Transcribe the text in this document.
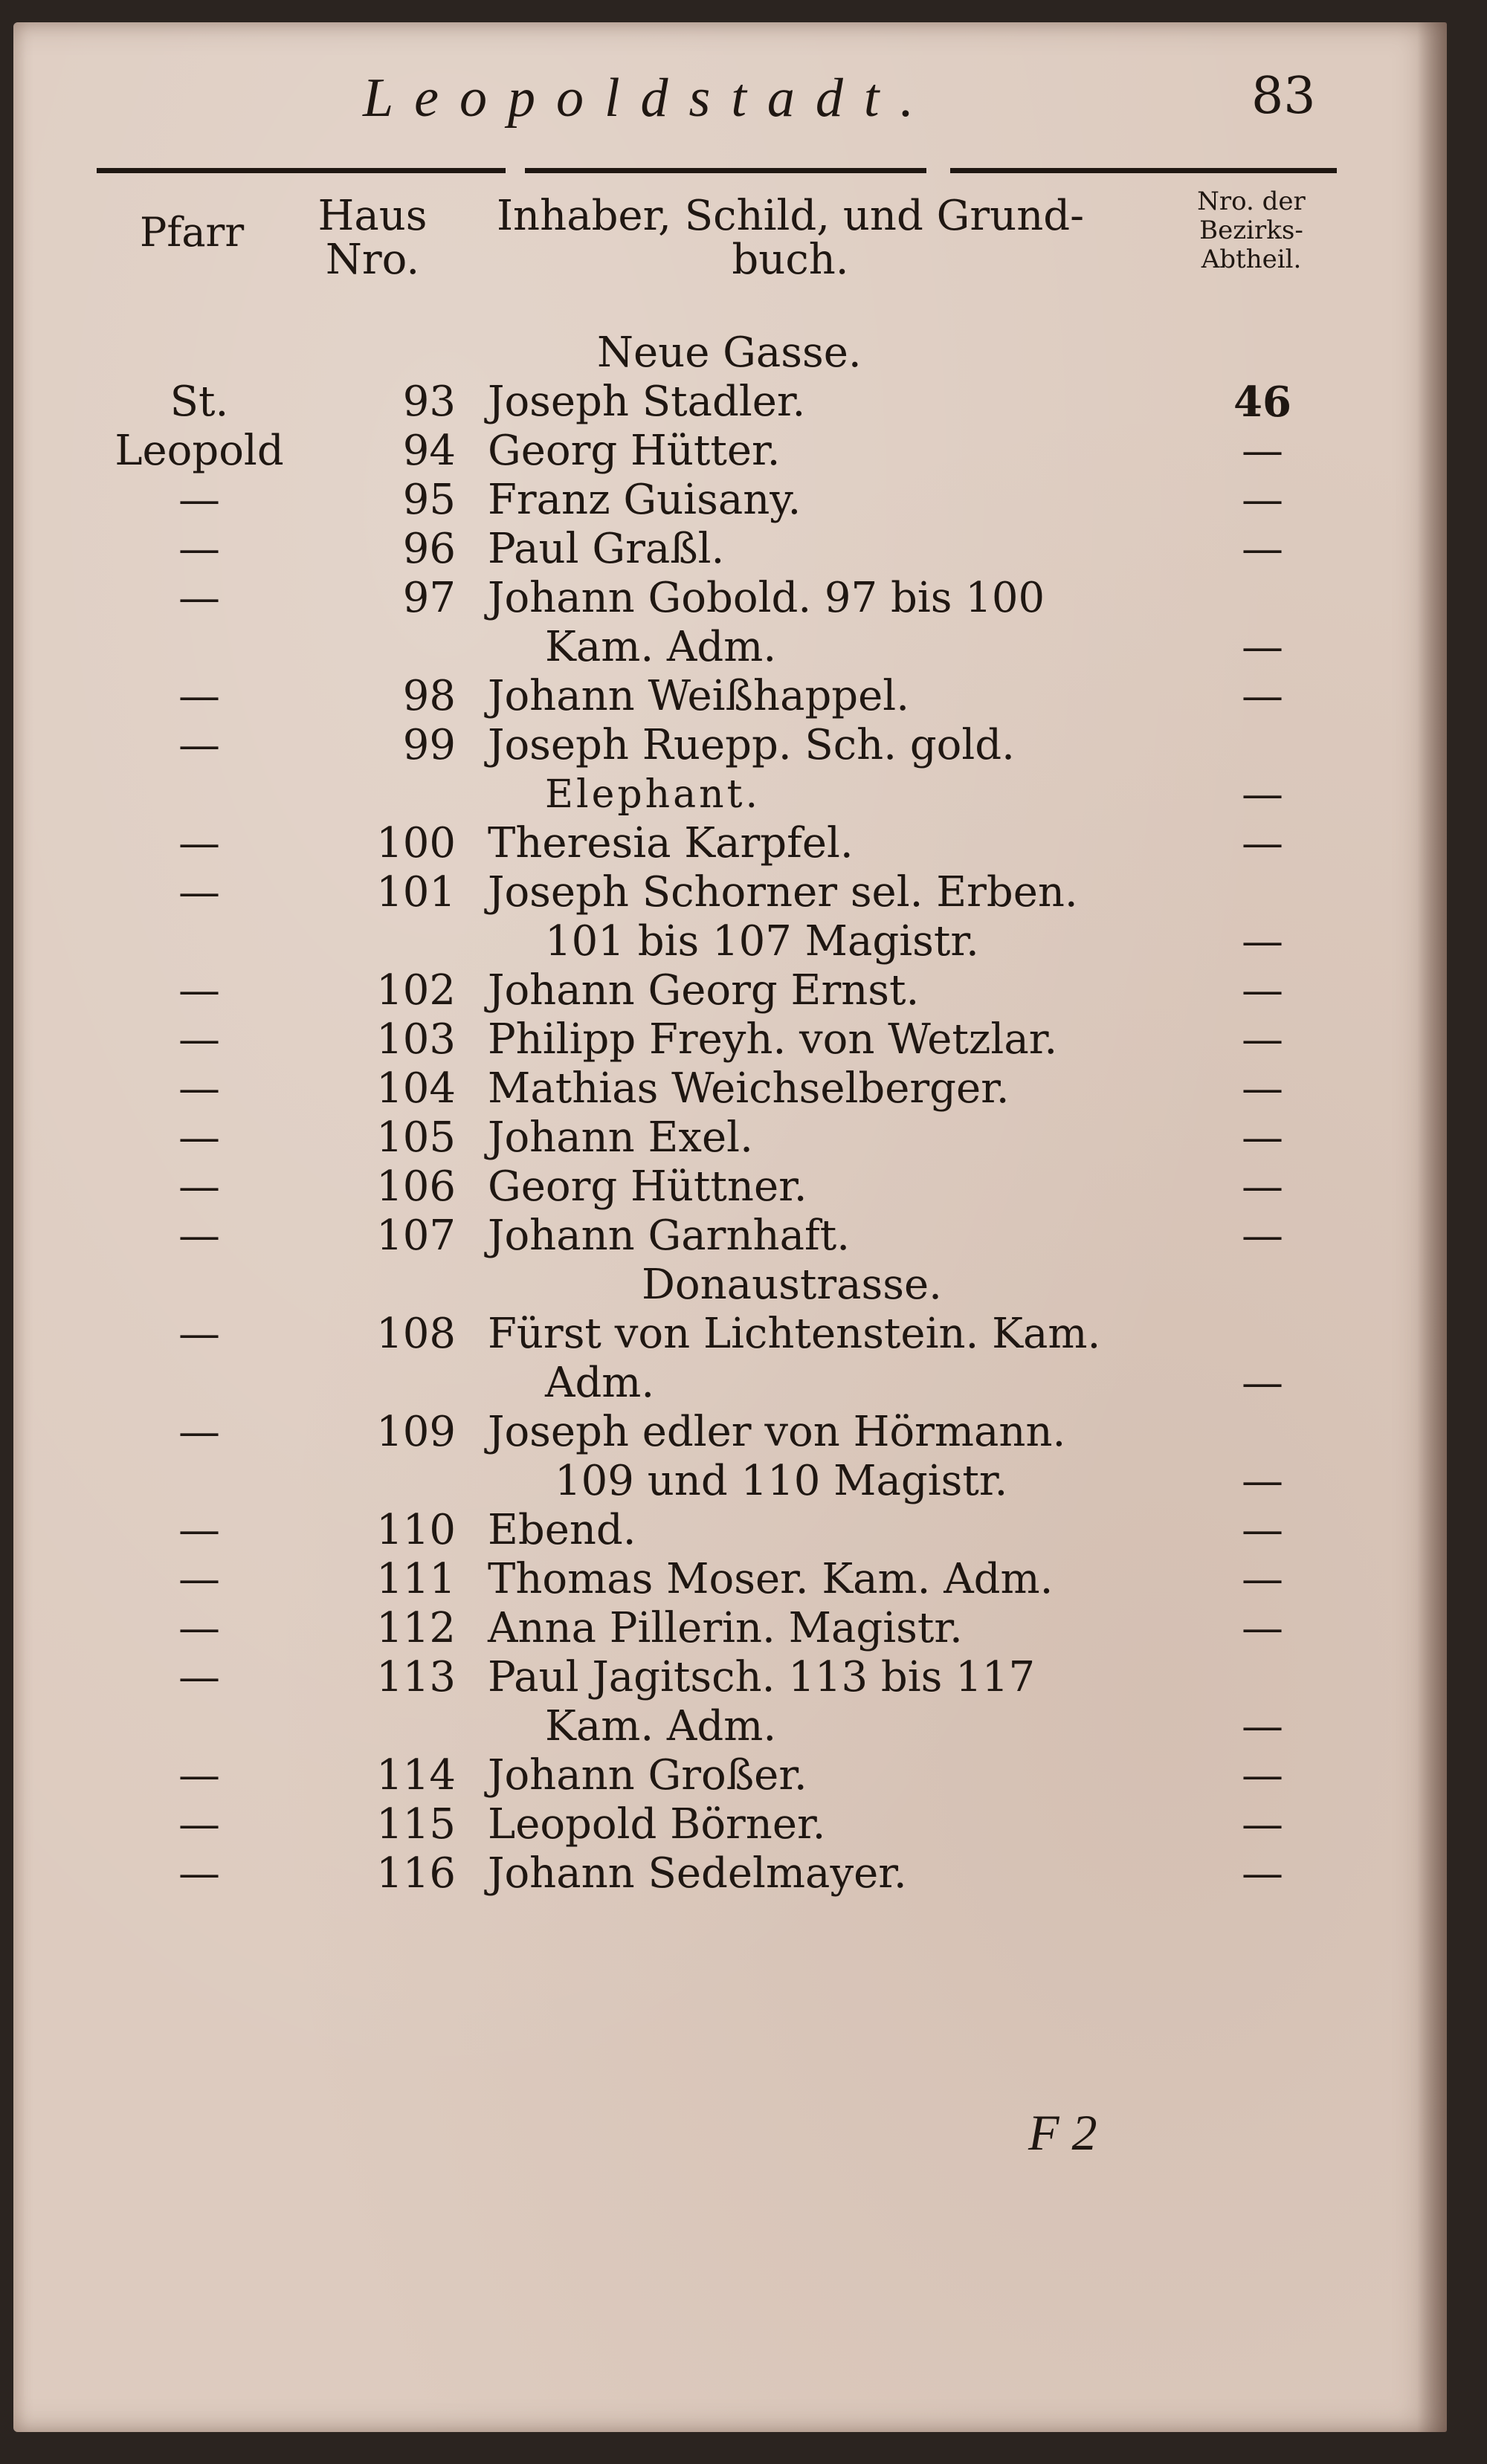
Leopoldstadt.	83
Pfarr Haus Nro.
Inhaber, Schild, und Grund-buch.
Nro. der Bezirks-Abtheil.
Neue Gasse.
St.	93 Joseph Stadler.	46
Leopold	94 Georg Hütter.	—
—	95 Franz Guisany.	—
—	96 Paul Graßl.	—
—	97 Johann Gobold. 97 bis 100
Kam. Adm.	—
—	98 Johann Weißhappel.	—
—	99 Joseph Ruepp. Sch. gold.
Elephant.	—
—	100 Theresia Karpfel.	—
—	101 Joseph Schorner sel. Erben.
101 bis 107 Magistr.	—
—	102 Johann Georg Ernst.	—
—	103 Philipp Freyh. von Wetzlar.	—
—	104 Mathias Weichselberger.	—
—	105 Johann Exel.	—
—	106 Georg Hüttner.	—
—	107 Johann Garnhaft.	—
Donaustrasse.
—	108 Fürst von Lichtenstein. Kam.
Adm.	—
—	109 Joseph edler von Hörmann.
109 und 110 Magistr.	—
—	110 Ebend.	—
—	111 Thomas Moser. Kam. Adm.	—
—	112 Anna Pillerin. Magistr.	—
—	113 Paul Jagitsch. 113 bis 117
Kam. Adm.	—
—	114 Johann Großer.	—
—	115 Leopold Börner.	—
—	116 Johann Sedelmayer.	—
F 2
